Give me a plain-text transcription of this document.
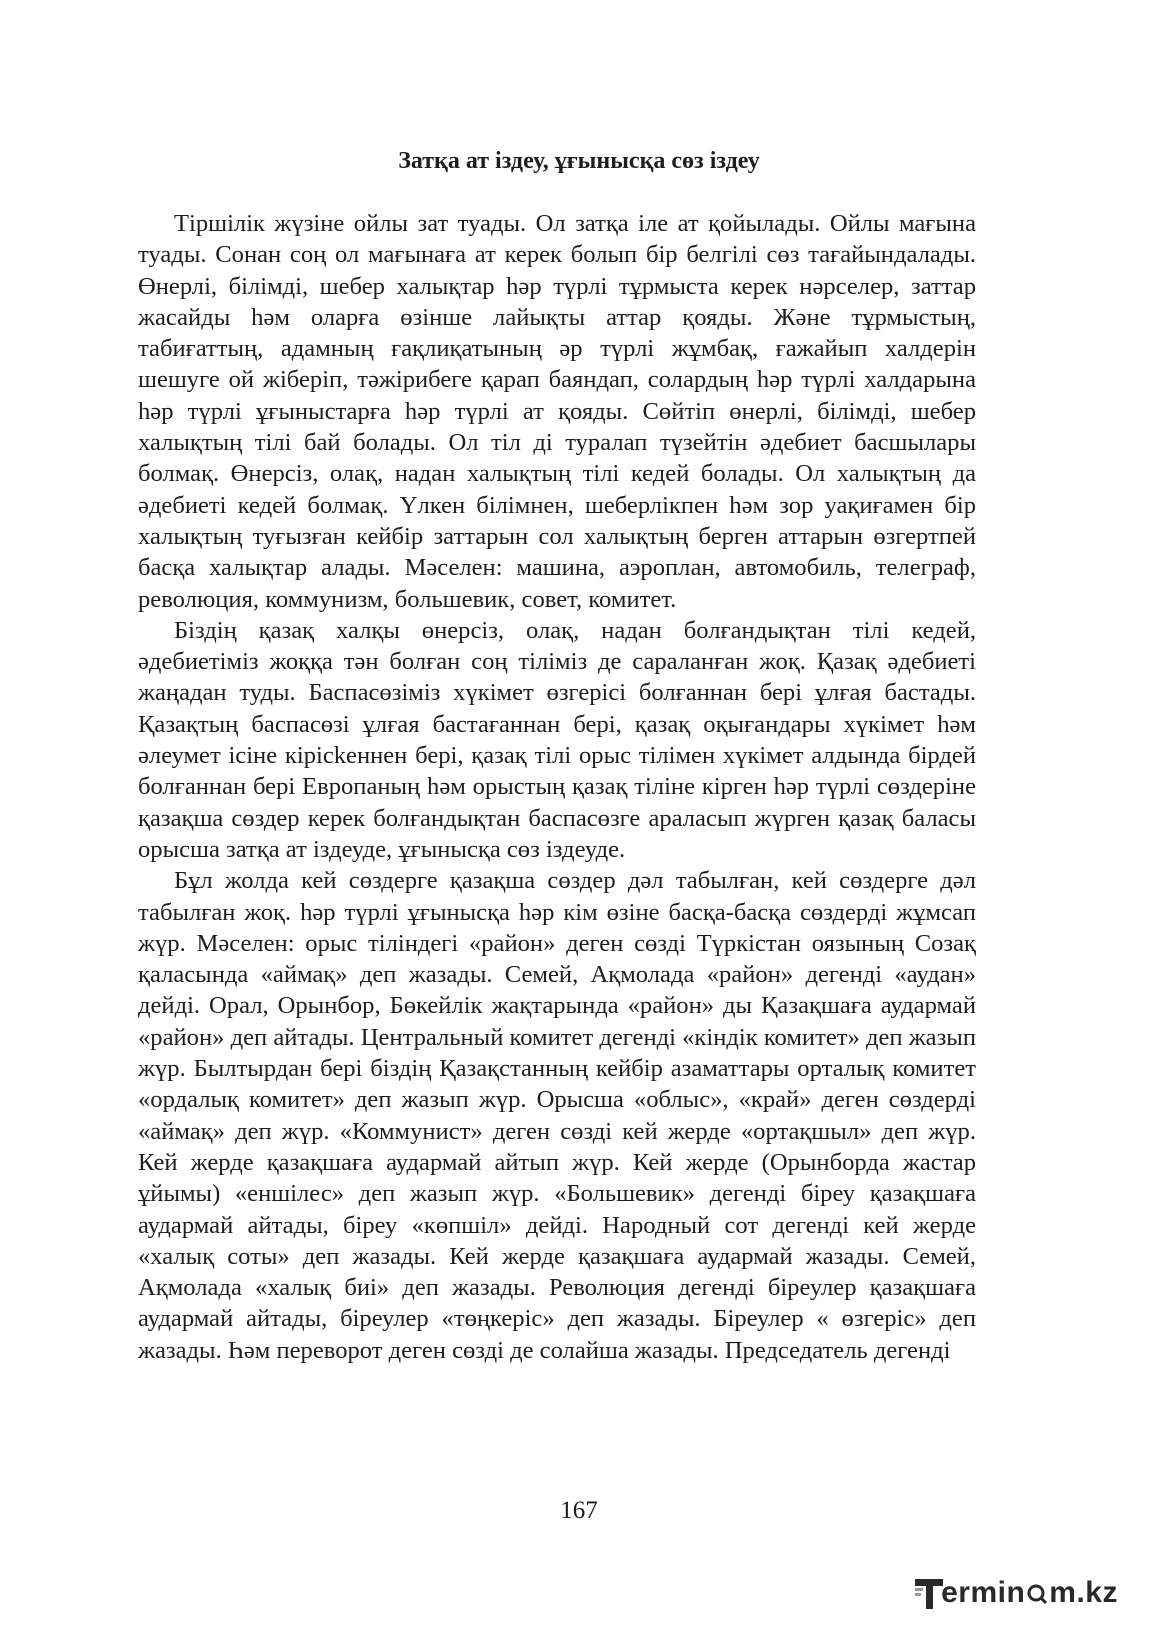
Затқа ат іздеу, ұғынысқа сөз іздеу

Тіршілік жүзіне ойлы зат туады. Ол затқа іле ат қойылады. Ойлы мағына туады. Сонан соң ол мағынаға ат керек болып бір белгілі сөз тағайындалады. Өнерлі, білімді, шебер халықтар һәр түрлі тұрмыста керек нәрселер, заттар жасайды һәм оларға өзінше лайықты аттар қояды. Және тұрмыстың, табиғаттың, адамның ғақлиқатының әр түрлі жұмбақ, ғажайып халдерін шешуге ой жіберіп, тәжірибеге қарап баяндап, солардың һәр түрлі халдарына һәр түрлі ұғыныстарға һәр түрлі ат қояды. Сөйтіп өнерлі, білімді, шебер халықтың тілі бай болады. Ол тіл ді туралап түзейтін әдебиет басшылары болмақ. Өнерсіз, олақ, надан халықтың тілі кедей болады. Ол халықтың да әдебиеті кедей болмақ. Үлкен білімнен, шеберлікпен һәм зор уақиғамен бір халықтың туғызған кейбір заттарын сол халықтың берген аттарын өзгертпей басқа халықтар алады. Мәселен: машина, аэроплан, автомобиль, телеграф, революция, коммунизм, большевик, совет, комитет.

Біздің қазақ халқы өнерсіз, олақ, надан болғандықтан тілі кедей, әдебиетіміз жоққа тән болған соң тіліміз де сараланған жоқ. Қазақ әдебиеті жаңадан туды. Баспасөзіміз хүкімет өзгерісі болғаннан бері ұлғая бастады. Қазақтың баспасөзі ұлғая бастағаннан бері, қазақ оқығандары хүкімет һәм әлеумет ісіне кірісkеннен бері, қазақ тілі орыс тілімен хүкімет алдында бірдей болғаннан бері Европаның һәм орыстың қазақ тіліне кірген һәр түрлі сөздеріне қазақша сөздер керек болғандықтан баспасөзге араласып жүрген қазақ баласы орысша затқа ат іздеуде, ұғынысқа сөз іздеуде.

Бұл жолда кей сөздерге қазақша сөздер дәл табылған, кей сөздерге дәл табылған жоқ. һәр түрлі ұғынысқа һәр кім өзіне басқа-басқа сөздерді жұмсап жүр. Мәселен: орыс тіліндегі «район» деген сөзді Түркістан оязының Созақ қаласында «аймақ» деп жазады. Семей, Ақмолада «район» дегенді «аудан» дейді. Орал, Орынбор, Бөкейлік жақтарында «район» ды Қазақшаға аудармай «район» деп айтады. Центральный комитет дегенді «кіндік комитет» деп жазып жүр. Былтырдан бері біздің Қазақстанның кейбір азаматтары орталық комитет «ордалық комитет» деп жазып жүр. Орысша «облыс», «край» деген сөздерді «аймақ» деп жүр. «Коммунист» деген сөзді кей жерде «ортақшыл» деп жүр. Кей жерде қазақшаға аудармай айтып жүр. Кей жерде (Орынборда жастар ұйымы) «еншілес» деп жазып жүр. «Большевик» дегенді біреу қазақшаға аудармай айтады, біреу «көпшіл» дейді. Народный сот дегенді кей жерде «халық соты» деп жазады. Кей жерде қазақшаға аудармай жазады. Семей, Ақмолада «халық биі» деп жазады. Революция дегенді біреулер қазақшаға аудармай айтады, біреулер «төңкеріс» деп жазады. Біреулер « өзгеріс» деп жазады. Һәм переворот деген сөзді де солайша жазады. Председатель дегенді

167
ermin m.kz
